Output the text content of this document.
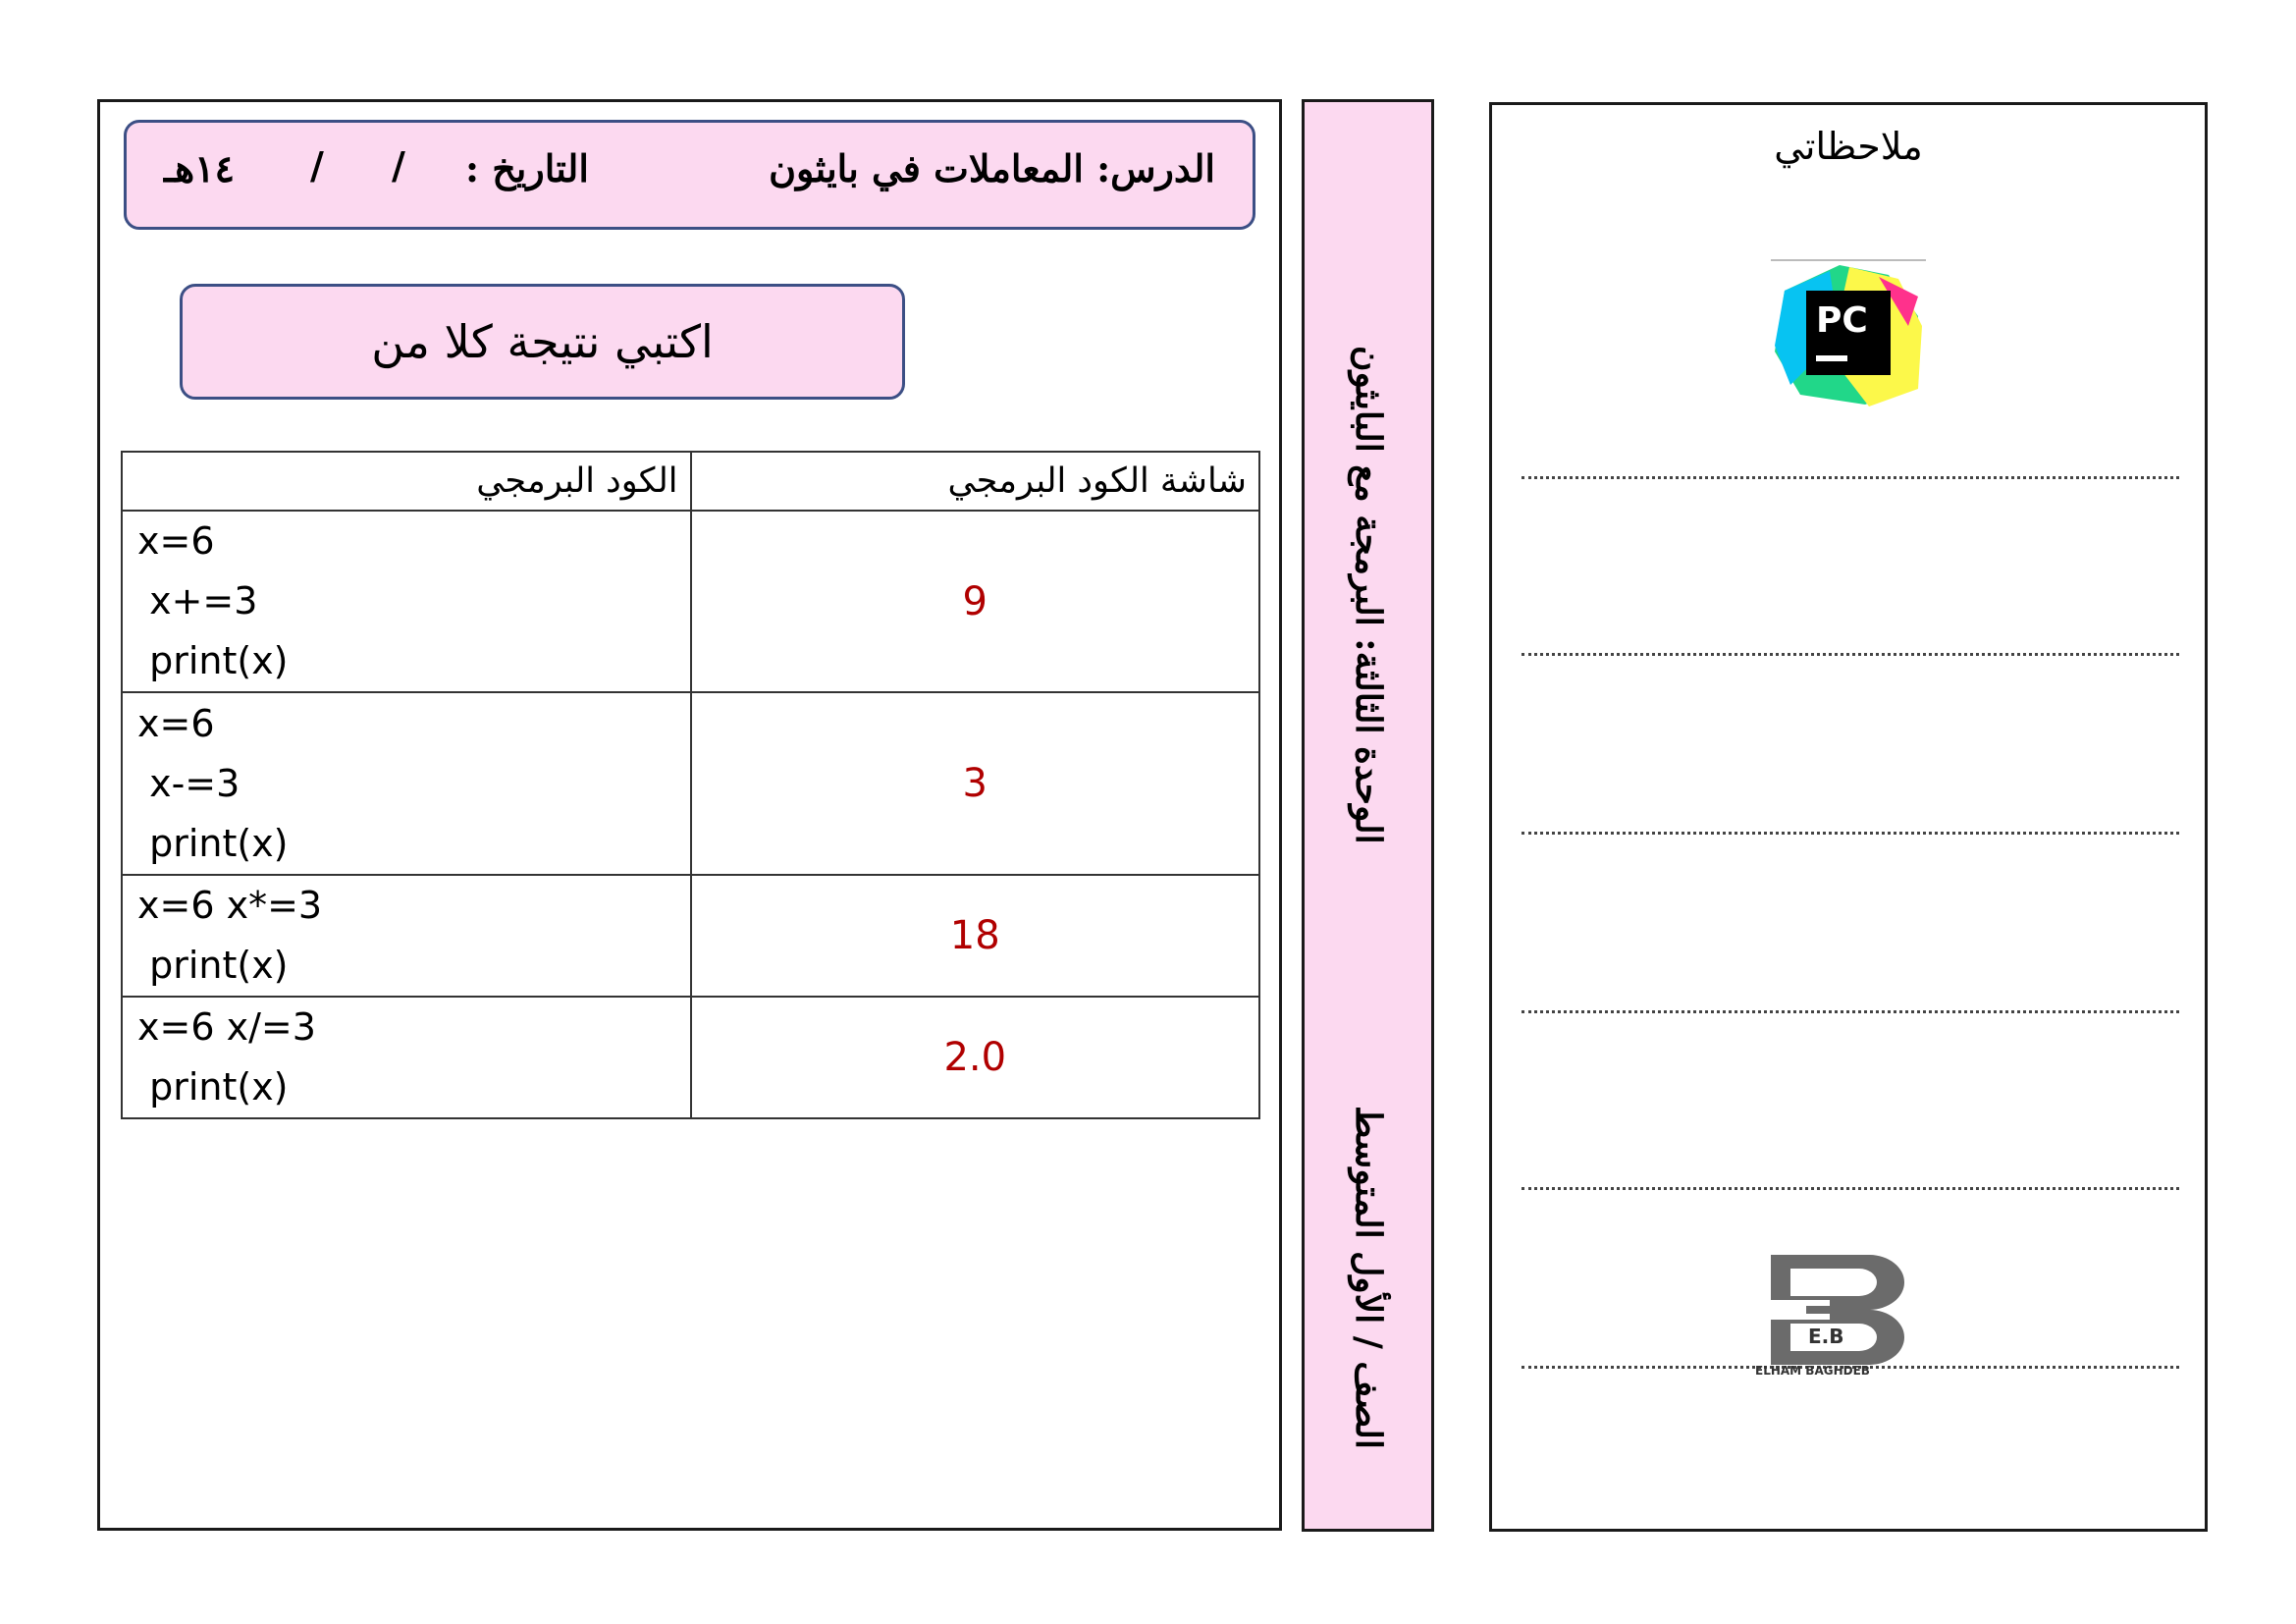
الدرس: المعاملات في بايثون
التاريخ :
/
/
١٤هـ
اكتبي نتيجة كلا من
الكود البرمجي	شاشة الكود البرمجي
x=6
x+=3
print(x)	9
x=6
x-=3
print(x)	3
x=6 x*=3
print(x)	18
x=6 x/=3
print(x)	2.0
الوحدة الثالثة: البرمجة مع البايثون
الصف / الأول المتوسط
ملاحظاتي
PC
E.B
ELHAM BAGHDEB
